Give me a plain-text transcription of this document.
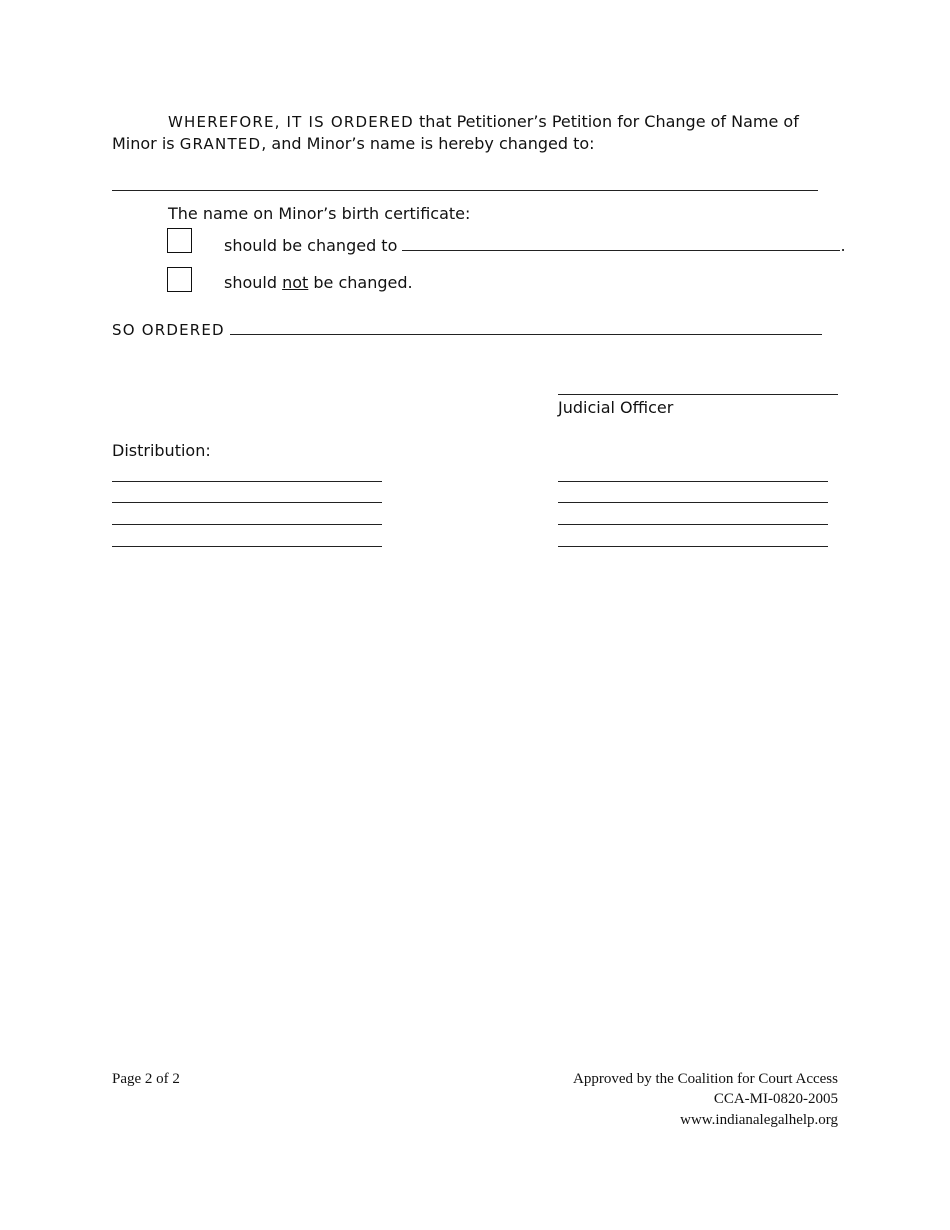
WHEREFORE, IT IS ORDERED that Petitioner’s Petition for Change of Name of
Minor is GRANTED, and Minor’s name is hereby changed to:
The name on Minor’s birth certificate:
should be changed to	.
should not be changed.
SO ORDERED
Judicial Officer
Distribution:
Page 2 of 2	Approved by the Coalition for Court Access
CCA-MI-0820-2005
www.indianalegalhelp.org
